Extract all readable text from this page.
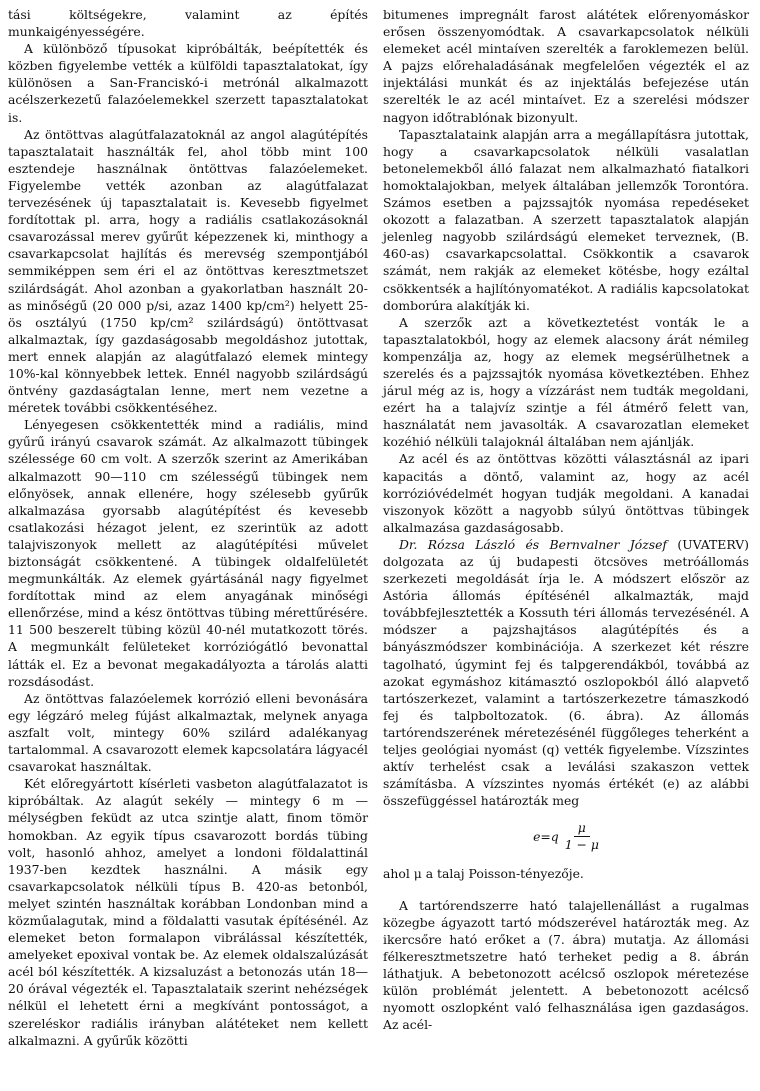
tási költségekre, valamint az építés munkaigényességére.

A különböző típusokat kipróbálták, beépítették és közben figyelembe vették a külföldi tapasztalatokat, így különösen a San-Franciskó-i metrónál alkalmazott acélszerkezetű falazóelemekkel szerzett tapasztalatokat is.

Az öntöttvas alagútfalazatoknál az angol alagútépítés tapasztalatait használták fel, ahol több mint 100 esztendeje használnak öntöttvas falazóelemeket. Figyelembe vették azonban az alagútfalazat tervezésének új tapasztalatait is. Kevesebb figyelmet fordítottak pl. arra, hogy a radiális csatlakozásoknál csavarozással merev gyűrűt képezzenek ki, minthogy a csavarkapcsolat hajlítás és merevség szempontjából semmiképpen sem éri el az öntöttvas keresztmetszet szilárdságát. Ahol azonban a gyakorlatban használt 20-as minőségű (20 000 p/si, azaz 1400 kp/cm²) helyett 25-ös osztályú (1750 kp/cm² szilárdságú) öntöttvasat alkalmaztak, így gazdaságosabb megoldáshoz jutottak, mert ennek alapján az alagútfalazó elemek mintegy 10%-kal könnyebbek lettek. Ennél nagyobb szilárdságú öntvény gazdaságtalan lenne, mert nem vezetne a méretek további csökkentéséhez.

Lényegesen csökkentették mind a radiális, mind gyűrű irányú csavarok számát. Az alkalmazott tübingek szélessége 60 cm volt. A szerzők szerint az Amerikában alkalmazott 90—110 cm szélességű tübingek nem előnyösek, annak ellenére, hogy szélesebb gyűrűk alkalmazása gyorsabb alagútépítést és kevesebb csatlakozási hézagot jelent, ez szerintük az adott talajviszonyok mellett az alagútépítési művelet biztonságát csökkentené. A tübingek oldalfelületét megmunkálták. Az elemek gyártásánál nagy figyelmet fordítottak mind az elem anyagának minőségi ellenőrzése, mind a kész öntöttvas tübing mérettűrésére. 11 500 beszerelt tübing közül 40-nél mutatkozott törés. A megmunkált felületeket korróziógátló bevonattal látták el. Ez a bevonat megakadályozta a tárolás alatti rozsdásodást.

Az öntöttvas falazóelemek korrózió elleni bevonására egy légzáró meleg fújást alkalmaztak, melynek anyaga aszfalt volt, mintegy 60% szilárd adalékanyag tartalommal. A csavarozott elemek kapcsolatára lágyacél csavarokat használtak.

Két előregyártott kísérleti vasbeton alagútfalazatot is kipróbáltak. Az alagút sekély — mintegy 6 m — mélységben feküdt az utca szintje alatt, finom tömör homokban. Az egyik típus csavarozott bordás tübing volt, hasonló ahhoz, amelyet a londoni földalattinál 1937-ben kezdtek használni. A másik egy csavarkapcsolatok nélküli típus B. 420-as betonból, melyet szintén használtak korábban Londonban mind a közműalagutak, mind a földalatti vasutak építésénél. Az elemeket beton formalapon vibrálással készítették, amelyeket epoxival vontak be. Az elemek oldalszalúzását acél ból készítették. A kizsaluzást a betonozás után 18—20 órával végezték el. Tapasztalataik szerint nehézségek nélkül el lehetett érni a megkívánt pontosságot, a szereléskor radiális irányban alátéteket nem kellett alkalmazni. A gyűrűk közötti

bitumenes impregnált farost alátétek előrenyomáskor erősen összenyomódtak. A csavarkapcsolatok nélküli elemeket acél mintaíven szerelték a faroklemezen belül. A pajzs előrehaladásának megfelelően végezték el az injektálási munkát és az injektálás befejezése után szerelték le az acél mintaívet. Ez a szerelési módszer nagyon időtrablónak bizonyult.

Tapasztalataink alapján arra a megállapításra jutottak, hogy a csavarkapcsolatok nélküli vasalatlan betonelemekből álló falazat nem alkalmazható fiatalkori homoktalajokban, melyek általában jellemzők Torontóra. Számos esetben a pajzssajtók nyomása repedéseket okozott a falazatban. A szerzett tapasztalatok alapján jelenleg nagyobb szilárdságú elemeket terveznek, (B. 460-as) csavarkapcsolattal. Csökkontik a csavarok számát, nem rakják az elemeket kötésbe, hogy ezáltal csökkentsék a hajlítónyomatékot. A radiális kapcsolatokat domborúra alakítják ki.

A szerzők azt a következtetést vonták le a tapasztalatokból, hogy az elemek alacsony árát némileg kompenzálja az, hogy az elemek megsérülhetnek a szerelés és a pajzssajtók nyomása következtében. Ehhez járul még az is, hogy a vízzárást nem tudták megoldani, ezért ha a talajvíz szintje a fél átmérő felett van, használatát nem javasolták. A csavarozatlan elemeket kozéhió nélküli talajoknál általában nem ajánlják.

Az acél és az öntöttvas közötti választásnál az ipari kapacitás a döntő, valamint az, hogy az acél korrózióvédelmét hogyan tudják megoldani. A kanadai viszonyok között a nagyobb súlyú öntöttvas tübingek alkalmazása gazdaságosabb.

Dr. Rózsa László és Bernvalner József (UVATERV) dolgozata az új budapesti ötcsöves metróállomás szerkezeti megoldását írja le. A módszert először az Astória állomás építésénél alkalmazták, majd továbbfejlesztették a Kossuth téri állomás tervezésénél. A módszer a pajzshajtásos alagútépítés és a bányászmódszer kombinációja. A szerkezet két részre tagolható, úgymint fej és talpgerendákból, továbbá az azokat egymáshoz kitámasztó oszlopokból álló alapvető tartószerkezet, valamint a tartószerkezetre támaszkodó fej és talpboltozatok. (6. ábra). Az állomás tartórendszerének méretezésénél függőleges teherként a teljes geológiai nyomást (q) vették figyelembe. Vízszintes aktív terhelést csak a leválási szakaszon vettek számításba. A vízszintes nyomás értékét (e) az alábbi összefüggéssel határozták meg

$e=q \frac{\mu}{1 - \mu}$

ahol μ a talaj Poisson-tényezője.

A tartórendszerre ható talajellenállást a rugalmas közegbe ágyazott tartó módszerével határozták meg. Az ikercsőre ható erőket a (7. ábra) mutatja. Az állomási félkeresztmetszetre ható terheket pedig a 8. ábrán láthatjuk. A bebetonozott acélcső oszlopok méretezése külön problémát jelentett. A bebetonozott acélcső nyomott oszlopként való felhasználása igen gazdaságos. Az acél-
